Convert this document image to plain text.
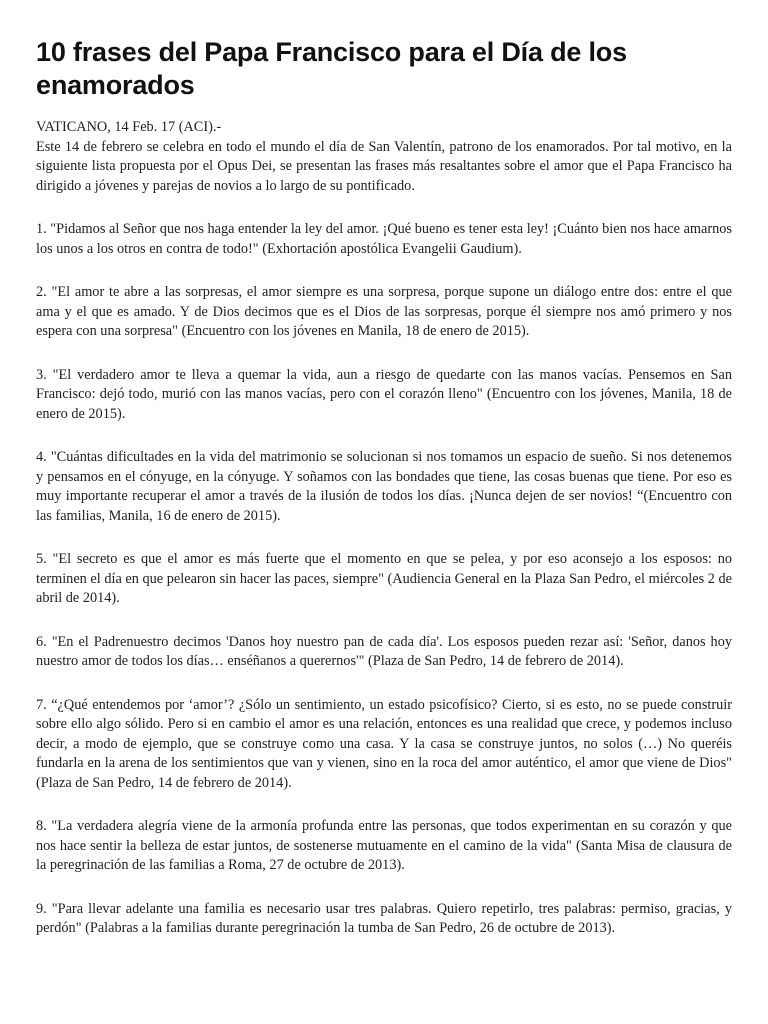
10 frases del Papa Francisco para el Día de los enamorados

VATICANO, 14 Feb. 17 (ACI).-

Este 14 de febrero se celebra en todo el mundo el día de San Valentín, patrono de los enamorados. Por tal motivo, en la siguiente lista propuesta por el Opus Dei, se presentan las frases más resaltantes sobre el amor que el Papa Francisco ha dirigido a jóvenes y parejas de novios a lo largo de su pontificado.

1. "Pidamos al Señor que nos haga entender la ley del amor. ¡Qué bueno es tener esta ley! ¡Cuánto bien nos hace amarnos los unos a los otros en contra de todo!" (Exhortación apostólica Evangelii Gaudium).

2. "El amor te abre a las sorpresas, el amor siempre es una sorpresa, porque supone un diálogo entre dos: entre el que ama y el que es amado. Y de Dios decimos que es el Dios de las sorpresas, porque él siempre nos amó primero y nos espera con una sorpresa" (Encuentro con los jóvenes en Manila, 18 de enero de 2015).

3. "El verdadero amor te lleva a quemar la vida, aun a riesgo de quedarte con las manos vacías. Pensemos en San Francisco: dejó todo, murió con las manos vacías, pero con el corazón lleno" (Encuentro con los jóvenes, Manila, 18 de enero de 2015).

4. "Cuántas dificultades en la vida del matrimonio se solucionan si nos tomamos un espacio de sueño. Si nos detenemos y pensamos en el cónyuge, en la cónyuge. Y soñamos con las bondades que tiene, las cosas buenas que tiene. Por eso es muy importante recuperar el amor a través de la ilusión de todos los días. ¡Nunca dejen de ser novios! “(Encuentro con las familias, Manila, 16 de enero de 2015).

5. "El secreto es que el amor es más fuerte que el momento en que se pelea, y por eso aconsejo a los esposos: no terminen el día en que pelearon sin hacer las paces, siempre" (Audiencia General en la Plaza San Pedro, el miércoles 2 de abril de 2014).

6. "En el Padrenuestro decimos 'Danos hoy nuestro pan de cada día'. Los esposos pueden rezar así: 'Señor, danos hoy nuestro amor de todos los días… enséñanos a querernos'" (Plaza de San Pedro, 14 de febrero de 2014).

7. “¿Qué entendemos por ‘amor’? ¿Sólo un sentimiento, un estado psicofísico? Cierto, si es esto, no se puede construir sobre ello algo sólido. Pero si en cambio el amor es una relación, entonces es una realidad que crece, y podemos incluso decir, a modo de ejemplo, que se construye como una casa. Y la casa se construye juntos, no solos (…) No queréis fundarla en la arena de los sentimientos que van y vienen, sino en la roca del amor auténtico, el amor que viene de Dios" (Plaza de San Pedro, 14 de febrero de 2014).

8. "La verdadera alegría viene de la armonía profunda entre las personas, que todos experimentan en su corazón y que nos hace sentir la belleza de estar juntos, de sostenerse mutuamente en el camino de la vida" (Santa Misa de clausura de la peregrinación de las familias a Roma, 27 de octubre de 2013).

9. "Para llevar adelante una familia es necesario usar tres palabras. Quiero repetirlo, tres palabras: permiso, gracias, y perdón" (Palabras a la familias durante peregrinación la tumba de San Pedro, 26 de octubre de 2013).
